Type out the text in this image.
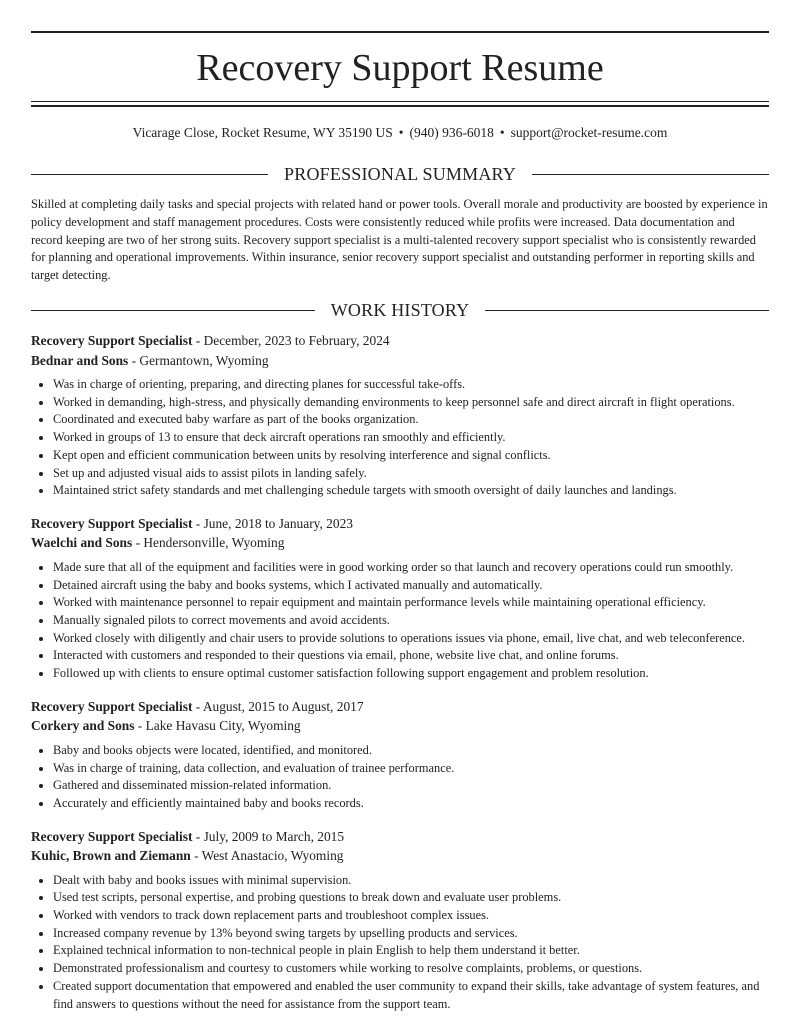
Recovery Support Resume
Vicarage Close, Rocket Resume, WY 35190 US • (940) 936-6018 • support@rocket-resume.com
PROFESSIONAL SUMMARY
Skilled at completing daily tasks and special projects with related hand or power tools. Overall morale and productivity are boosted by experience in policy development and staff management procedures. Costs were consistently reduced while profits were increased. Data documentation and record keeping are two of her strong suits. Recovery support specialist is a multi-talented recovery support specialist who is consistently rewarded for planning and operational improvements. Within insurance, senior recovery support specialist and outstanding performer in reporting skills and target detecting.
WORK HISTORY
Recovery Support Specialist - December, 2023 to February, 2024
Bednar and Sons - Germantown, Wyoming
• Was in charge of orienting, preparing, and directing planes for successful take-offs.
• Worked in demanding, high-stress, and physically demanding environments to keep personnel safe and direct aircraft in flight operations.
• Coordinated and executed baby warfare as part of the books organization.
• Worked in groups of 13 to ensure that deck aircraft operations ran smoothly and efficiently.
• Kept open and efficient communication between units by resolving interference and signal conflicts.
• Set up and adjusted visual aids to assist pilots in landing safely.
• Maintained strict safety standards and met challenging schedule targets with smooth oversight of daily launches and landings.
Recovery Support Specialist - June, 2018 to January, 2023
Waelchi and Sons - Hendersonville, Wyoming
• Made sure that all of the equipment and facilities were in good working order so that launch and recovery operations could run smoothly.
• Detained aircraft using the baby and books systems, which I activated manually and automatically.
• Worked with maintenance personnel to repair equipment and maintain performance levels while maintaining operational efficiency.
• Manually signaled pilots to correct movements and avoid accidents.
• Worked closely with diligently and chair users to provide solutions to operations issues via phone, email, live chat, and web teleconference.
• Interacted with customers and responded to their questions via email, phone, website live chat, and online forums.
• Followed up with clients to ensure optimal customer satisfaction following support engagement and problem resolution.
Recovery Support Specialist - August, 2015 to August, 2017
Corkery and Sons - Lake Havasu City, Wyoming
• Baby and books objects were located, identified, and monitored.
• Was in charge of training, data collection, and evaluation of trainee performance.
• Gathered and disseminated mission-related information.
• Accurately and efficiently maintained baby and books records.
Recovery Support Specialist - July, 2009 to March, 2015
Kuhic, Brown and Ziemann - West Anastacio, Wyoming
• Dealt with baby and books issues with minimal supervision.
• Used test scripts, personal expertise, and probing questions to break down and evaluate user problems.
• Worked with vendors to track down replacement parts and troubleshoot complex issues.
• Increased company revenue by 13% beyond swing targets by upselling products and services.
• Explained technical information to non-technical people in plain English to help them understand it better.
• Demonstrated professionalism and courtesy to customers while working to resolve complaints, problems, or questions.
• Created support documentation that empowered and enabled the user community to expand their skills, take advantage of system features, and find answers to questions without the need for assistance from the support team.
